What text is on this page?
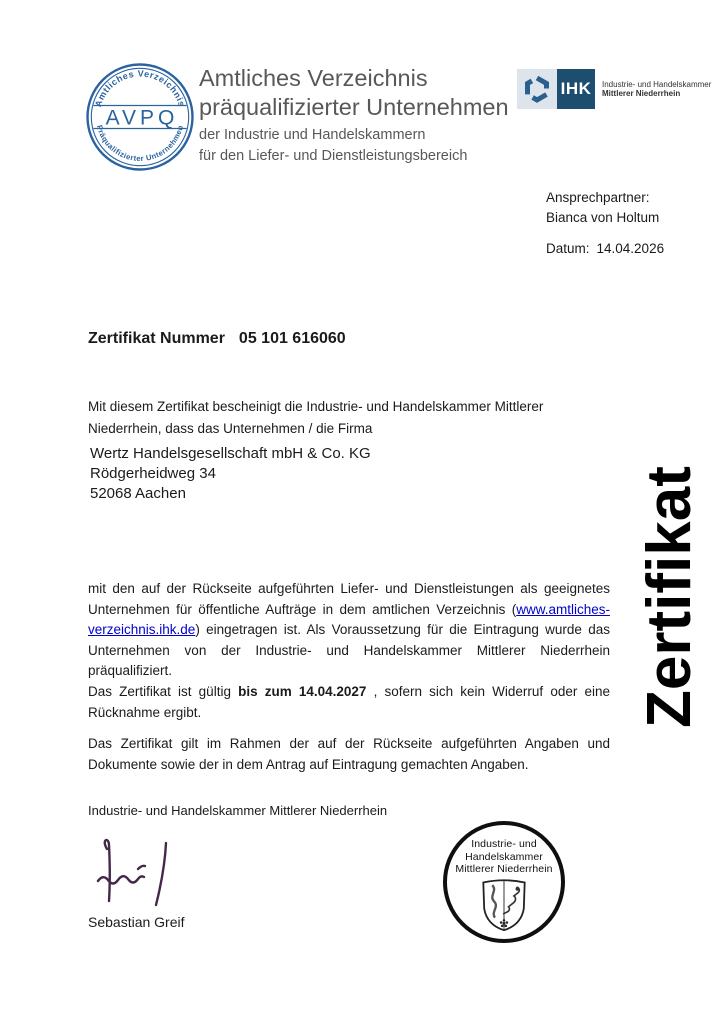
Amtliches Verzeichnis
AVPQ
Präqualifizierter Unternehmen
Amtliches Verzeichnis
präqualifizierter Unternehmen
der Industrie und Handelskammern
für den Liefer- und Dienstleistungsbereich
IHK Industrie- und Handelskammer
Mittlerer Niederrhein
Ansprechpartner:
Bianca von Holtum
Datum: 14.04.2026
Zertifikat Nummer 05 101 616060
Mit diesem Zertifikat bescheinigt die Industrie- und Handelskammer Mittlerer Niederrhein, dass das Unternehmen / die Firma
Wertz Handelsgesellschaft mbH & Co. KG
Rödgerheidweg 34
52068 Aachen
mit den auf der Rückseite aufgeführten Liefer- und Dienstleistungen als geeignetes Unternehmen für öffentliche Aufträge in dem amtlichen Verzeichnis (www.amtliches-verzeichnis.ihk.de) eingetragen ist. Als Voraussetzung für die Eintragung wurde das Unternehmen von der Industrie- und Handelskammer Mittlerer Niederrhein präqualifiziert.
Das Zertifikat ist gültig bis zum 14.04.2027 , sofern sich kein Widerruf oder eine Rücknahme ergibt.
Das Zertifikat gilt im Rahmen der auf der Rückseite aufgeführten Angaben und Dokumente sowie der in dem Antrag auf Eintragung gemachten Angaben.
Industrie- und Handelskammer Mittlerer Niederrhein
Sebastian Greif
Industrie- und
Handelskammer
Mittlerer Niederrhein
Zertifikat
